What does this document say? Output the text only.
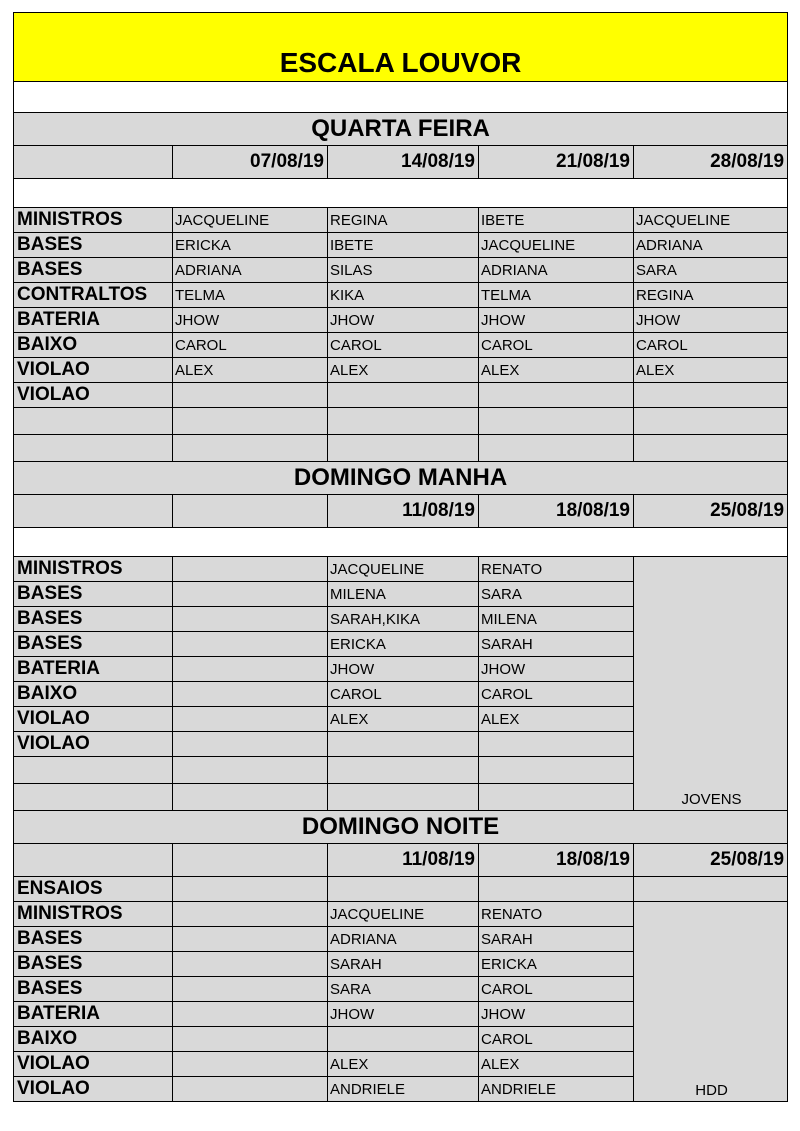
ESCALA LOUVOR				

QUARTA FEIRA				
	07/08/19	14/08/19	21/08/19	28/08/19

MINISTROS	JACQUELINE	REGINA	IBETE	JACQUELINE
BASES	ERICKA	IBETE	JACQUELINE	ADRIANA
BASES	ADRIANA	SILAS	ADRIANA	SARA
CONTRALTOS	TELMA	KIKA	TELMA	REGINA
BATERIA	JHOW	JHOW	JHOW	JHOW
BAIXO	CAROL	CAROL	CAROL	CAROL
VIOLAO	ALEX	ALEX	ALEX	ALEX
VIOLAO				

DOMINGO MANHA				
		11/08/19	18/08/19	25/08/19

MINISTROS		JACQUELINE	RENATO	JOVENS
BASES		MILENA	SARA	
BASES		SARAH,KIKA	MILENA	
BASES		ERICKA	SARAH	
BATERIA		JHOW	JHOW	
BAIXO		CAROL	CAROL	
VIOLAO		ALEX	ALEX	
VIOLAO				

DOMINGO NOITE				
		11/08/19	18/08/19	25/08/19
ENSAIOS				
MINISTROS		JACQUELINE	RENATO	HDD
BASES		ADRIANA	SARAH	
BASES		SARAH	ERICKA	
BASES		SARA	CAROL	
BATERIA		JHOW	JHOW	
BAIXO			CAROL	
VIOLAO		ALEX	ALEX	
VIOLAO		ANDRIELE	ANDRIELE	
